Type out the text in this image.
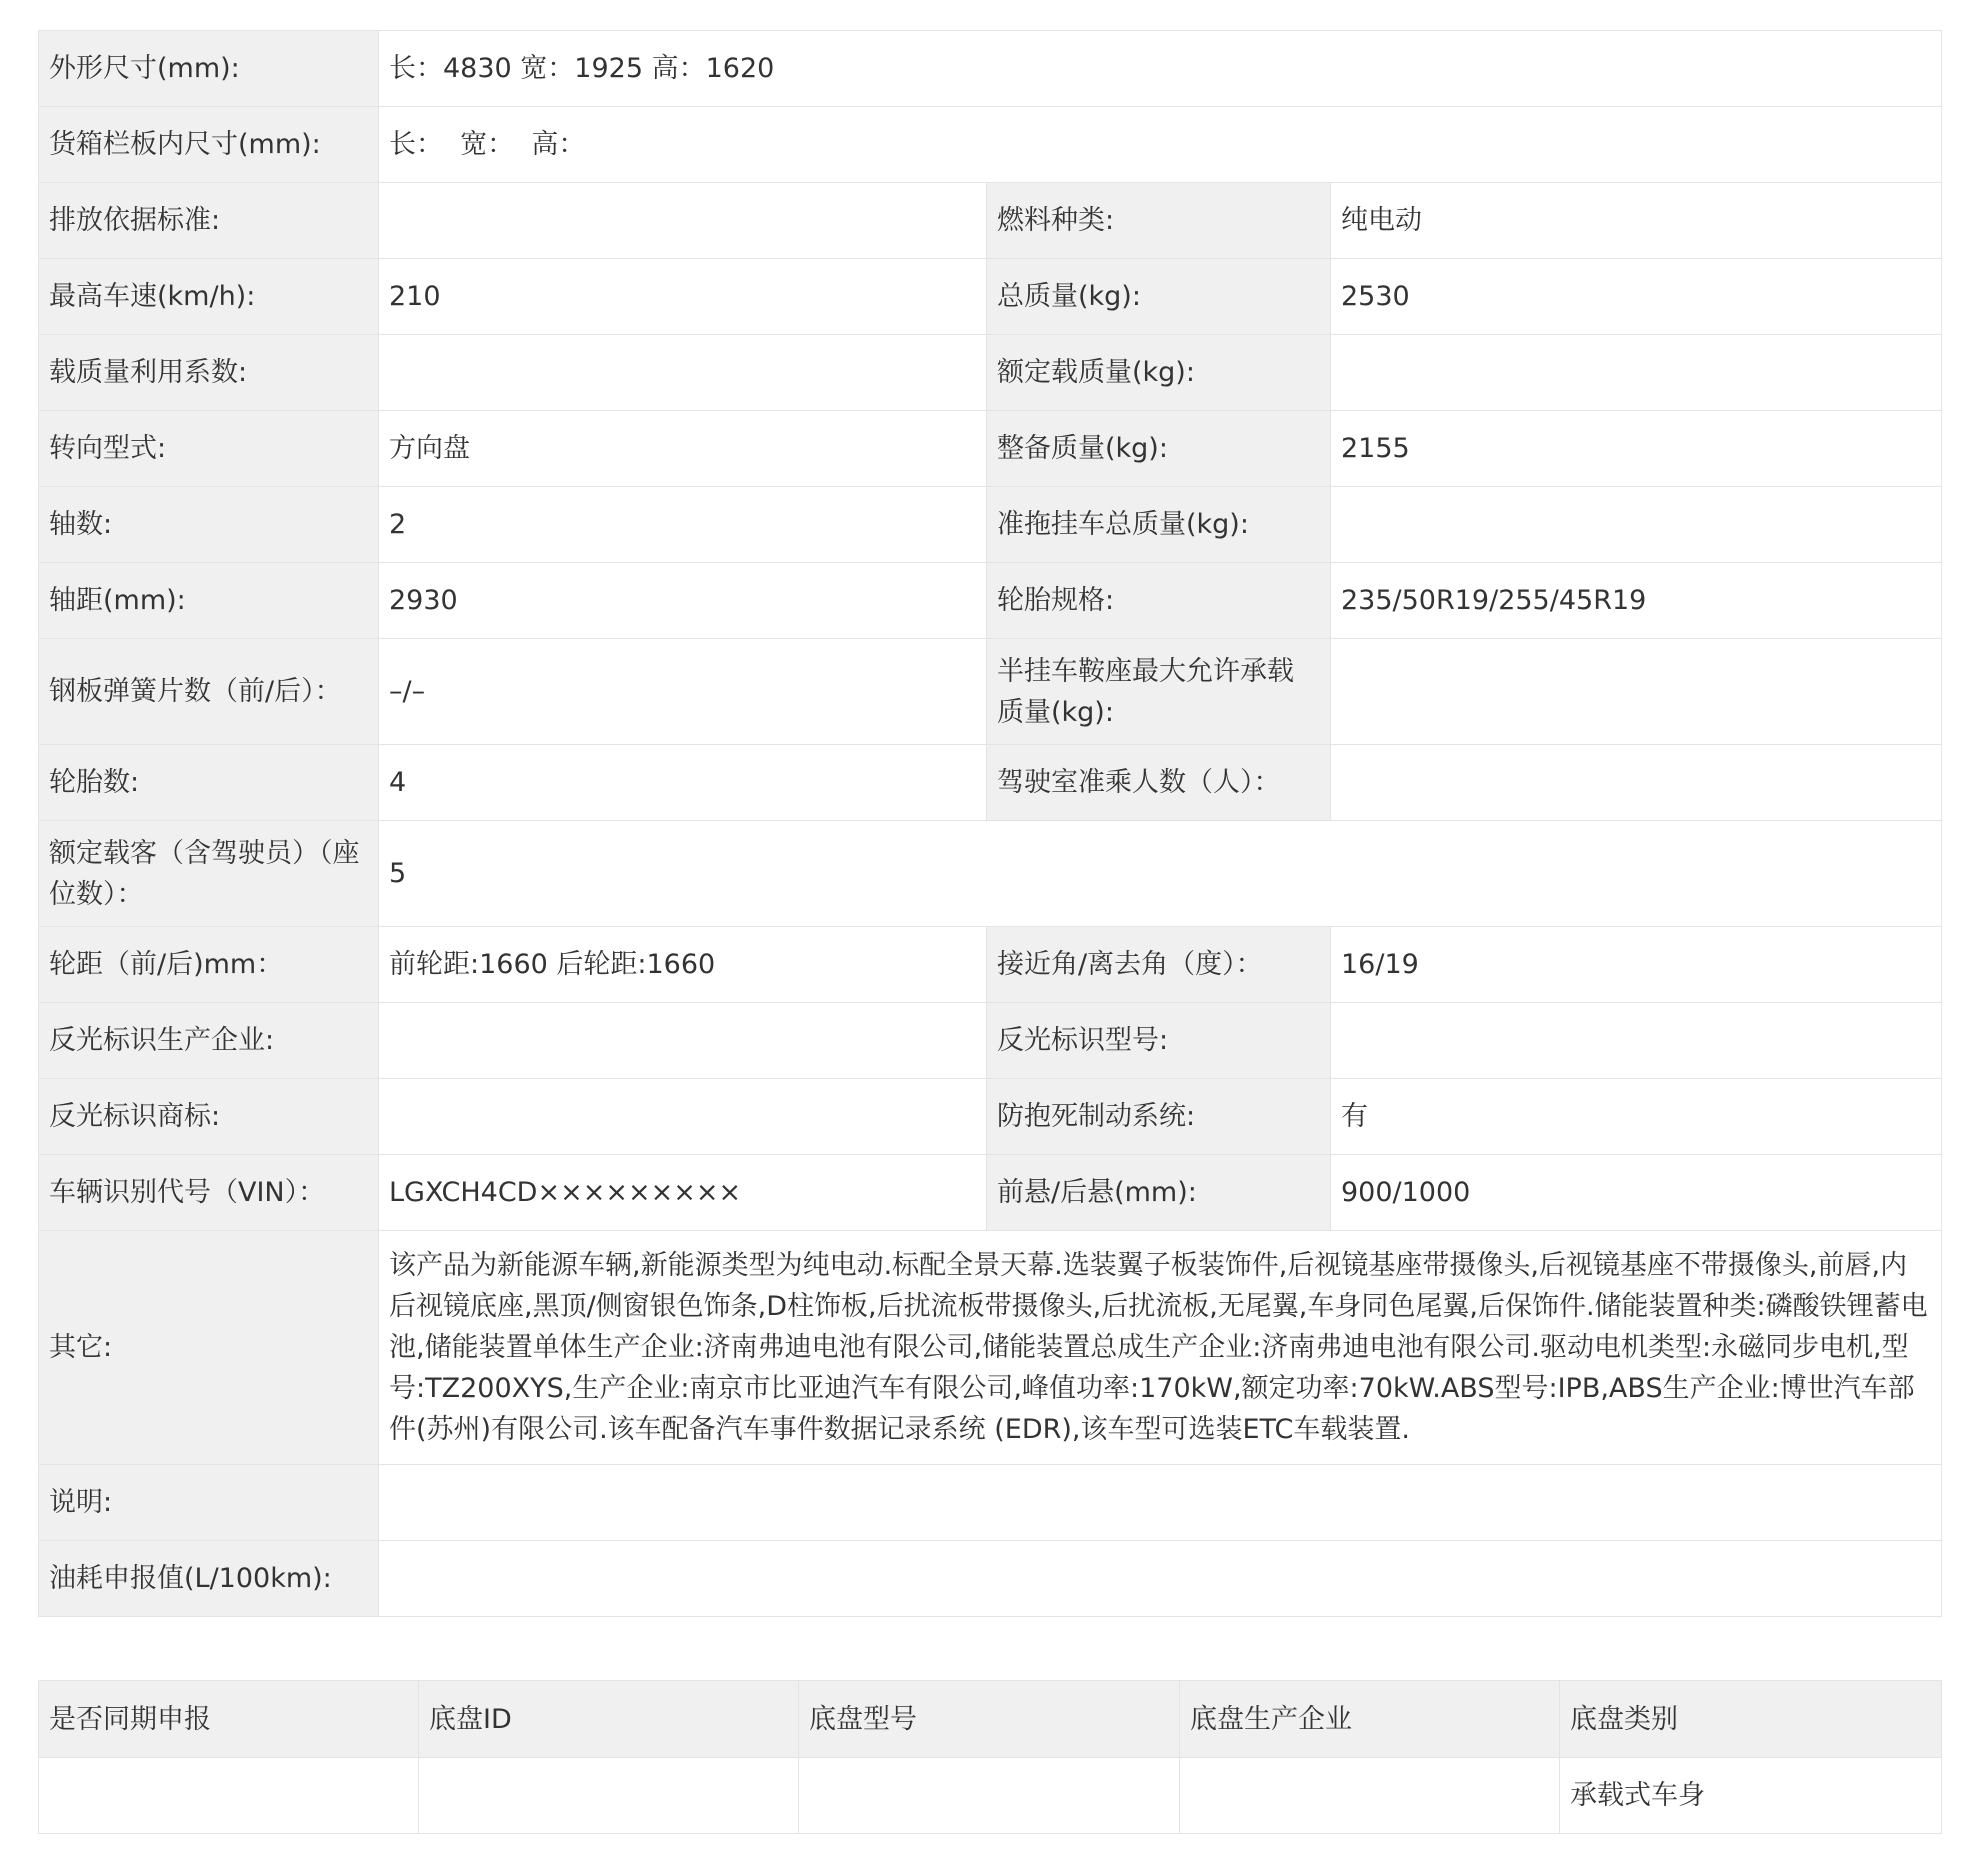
外形尺寸(mm):	长：4830 宽：1925 高：1620		
货箱栏板内尺寸(mm):	长：  宽：  高：		
排放依据标准:		燃料种类:	纯电动
最高车速(km/h):	210	总质量(kg):	2530
载质量利用系数:		额定载质量(kg):	
转向型式:	方向盘	整备质量(kg):	2155
轴数:	2	准拖挂车总质量(kg):	
轴距(mm):	2930	轮胎规格:	235/50R19/255/45R19
钢板弹簧片数（前/后）：	–/–	半挂车鞍座最大允许承载质量(kg):	
轮胎数:	4	驾驶室准乘人数（人）：	
额定载客（含驾驶员）（座位数）：	5		
轮距（前/后)mm：	前轮距:1660 后轮距:1660	接近角/离去角（度）：	16/19
反光标识生产企业:		反光标识型号:	
反光标识商标:		防抱死制动系统:	有
车辆识别代号（VIN）：	LGXCH4CD×××××××××	前悬/后悬(mm):	900/1000
其它:	该产品为新能源车辆,新能源类型为纯电动.标配全景天幕.选装翼子板装饰件,后视镜基座带摄像头,后视镜基座不带摄像头,前唇,内后视镜底座,黑顶/侧窗银色饰条,D柱饰板,后扰流板带摄像头,后扰流板,无尾翼,车身同色尾翼,后保饰件.储能装置种类:磷酸铁锂蓄电池,储能装置单体生产企业:济南弗迪电池有限公司,储能装置总成生产企业:济南弗迪电池有限公司.驱动电机类型:永磁同步电机,型号:TZ200XYS,生产企业:南京市比亚迪汽车有限公司,峰值功率:170kW,额定功率:70kW.ABS型号:IPB,ABS生产企业:博世汽车部件(苏州)有限公司.该车配备汽车事件数据记录系统 (EDR),该车型可选装ETC车载装置.		
说明:			
油耗申报值(L/100km):			
是否同期申报	底盘ID	底盘型号	底盘生产企业	底盘类别
				承载式车身
